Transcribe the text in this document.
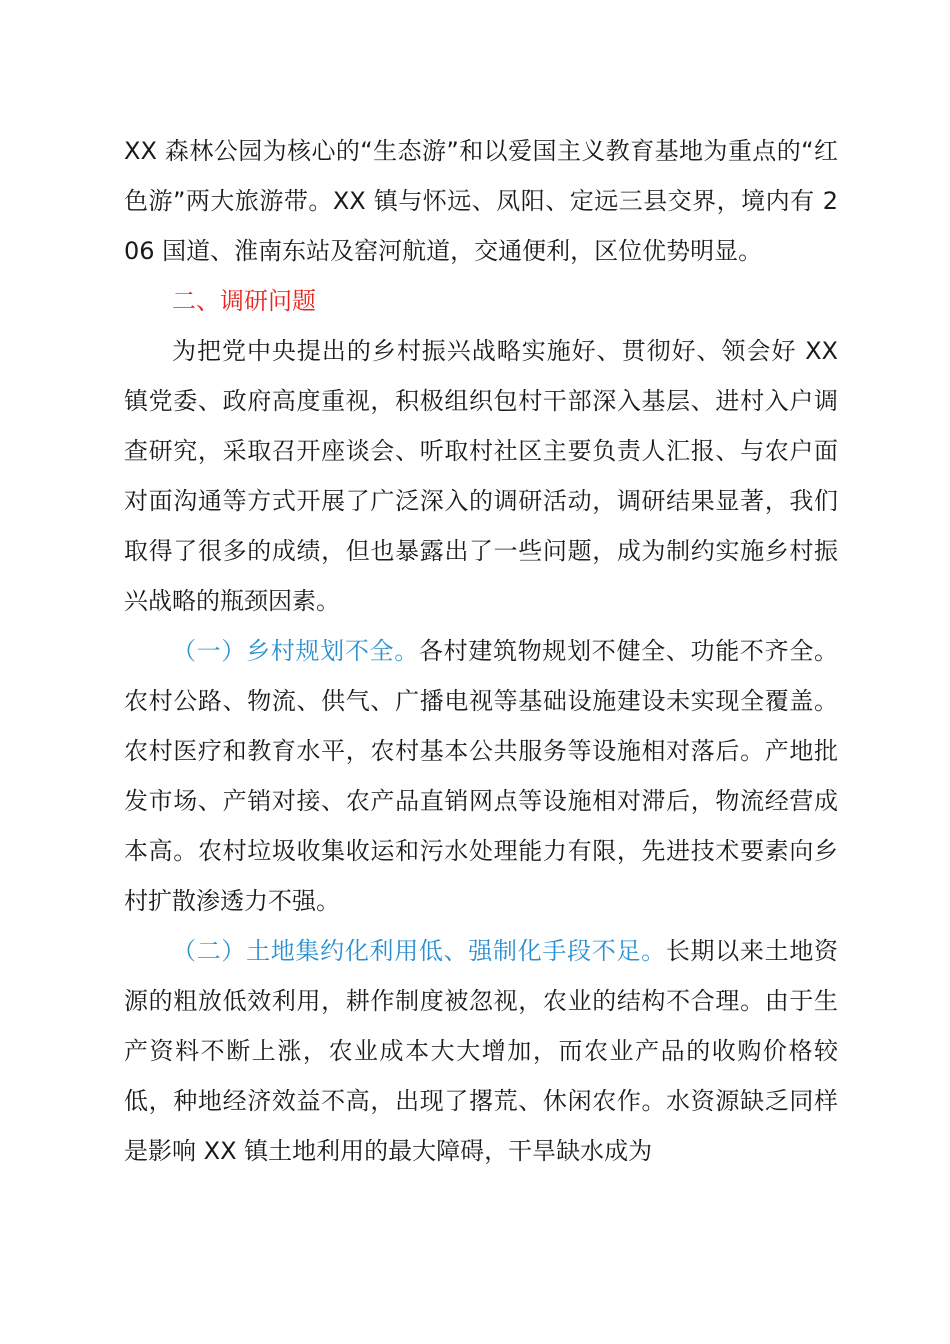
XX 森林公园为核心的“生态游”和以爱国主义教育基地为重点的“红色游”两大旅游带。XX 镇与怀远、凤阳、定远三县交界，境内有 206 国道、淮南东站及窑河航道，交通便利，区位优势明显。

二、调研问题

为把党中央提出的乡村振兴战略实施好、贯彻好、领会好 XX 镇党委、政府高度重视，积极组织包村干部深入基层、进村入户调查研究，采取召开座谈会、听取村社区主要负责人汇报、与农户面对面沟通等方式开展了广泛深入的调研活动，调研结果显著，我们取得了很多的成绩，但也暴露出了一些问题，成为制约实施乡村振兴战略的瓶颈因素。

（一）乡村规划不全。各村建筑物规划不健全、功能不齐全。农村公路、物流、供气、广播电视等基础设施建设未实现全覆盖。农村医疗和教育水平，农村基本公共服务等设施相对落后。产地批发市场、产销对接、农产品直销网点等设施相对滞后，物流经营成本高。农村垃圾收集收运和污水处理能力有限，先进技术要素向乡村扩散渗透力不强。

（二）土地集约化利用低、强制化手段不足。长期以来土地资源的粗放低效利用，耕作制度被忽视，农业的结构不合理。由于生产资料不断上涨，农业成本大大增加，而农业产品的收购价格较低，种地经济效益不高，出现了撂荒、休闲农作。水资源缺乏同样是影响 XX 镇土地利用的最大障碍，干旱缺水成为
